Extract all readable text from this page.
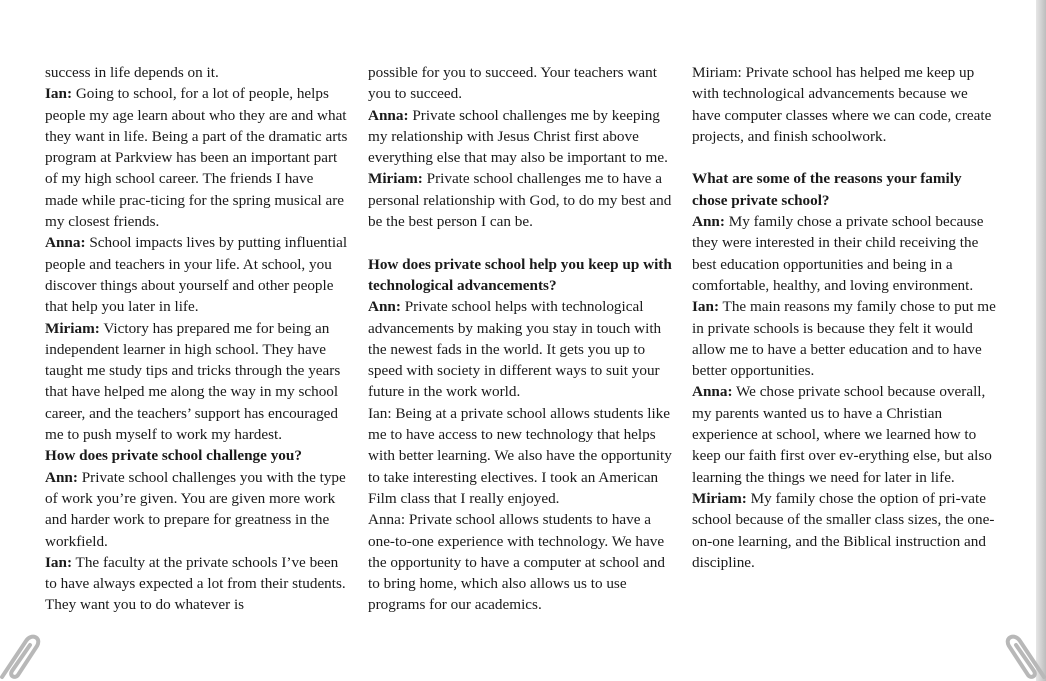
success in life depends on it.

Ian: Going to school, for a lot of people, helps people my age learn about who they are and what they want in life. Being a part of the dramatic arts program at Parkview has been an important part of my high school career. The friends I have made while prac-ticing for the spring musical are my closest friends.

Anna: School impacts lives by putting influential people and teachers in your life. At school, you discover things about yourself and other people that help you later in life.

Miriam: Victory has prepared me for being an independent learner in high school. They have taught me study tips and tricks through the years that have helped me along the way in my school career, and the teachers’ support has encouraged me to push myself to work my hardest.

How does private school challenge you?

Ann: Private school challenges you with the type of work you’re given. You are given more work and harder work to prepare for greatness in the workfield.

Ian: The faculty at the private schools I’ve been to have always expected a lot from their students. They want you to do whatever is

possible for you to succeed. Your teachers want you to succeed.

Anna: Private school challenges me by keeping my relationship with Jesus Christ first above everything else that may also be important to me.

Miriam: Private school challenges me to have a personal relationship with God, to do my best and be the best person I can be.

How does private school help you keep up with technological advancements?

Ann: Private school helps with technological advancements by making you stay in touch with the newest fads in the world. It gets you up to speed with society in different ways to suit your future in the work world.

Ian: Being at a private school allows students like me to have access to new technology that helps with better learning. We also have the opportunity to take interesting electives. I took an American Film class that I really enjoyed.

Anna: Private school allows students to have a one-to-one experience with technology. We have the opportunity to have a computer at school and to bring home, which also allows us to use programs for our academics.

Miriam: Private school has helped me keep up with technological advancements because we have computer classes where we can code, create projects, and finish schoolwork.

What are some of the reasons your family chose private school?

Ann: My family chose a private school because they were interested in their child receiving the best education opportunities and being in a comfortable, healthy, and loving environment.

Ian: The main reasons my family chose to put me in private schools is because they felt it would allow me to have a better education and to have better opportunities.

Anna: We chose private school because overall, my parents wanted us to have a Christian experience at school, where we learned how to keep our faith first over ev-erything else, but also learning the things we need for later in life.

Miriam: My family chose the option of pri-vate school because of the smaller class sizes, the one-on-one learning, and the Biblical instruction and discipline.
